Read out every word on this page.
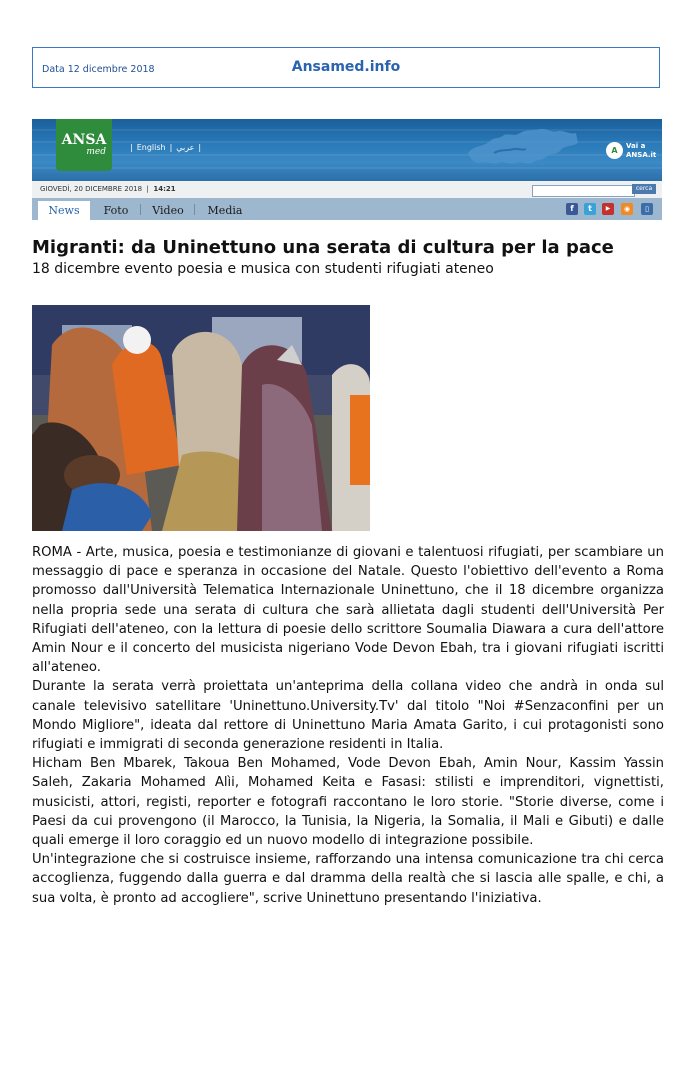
Data 12 dicembre 2018	Ansamed.info
ANSA
med	| English | عربي |	A	Vai a
ANSA.it
GIOVEDÌ, 20 DICEMBRE 2018  |  14:21	cerca
News	Foto	Video	Media	f	t	▶	◉	▯
Migranti: da Uninettuno una serata di cultura per la pace
18 dicembre evento poesia e musica con studenti rifugiati ateneo

ROMA - Arte, musica, poesia e testimonianze di giovani e talentuosi rifugiati, per scambiare un messaggio di pace e speranza in occasione del Natale. Questo l'obiettivo dell'evento a Roma promosso dall'Università Telematica Internazionale Uninettuno, che il 18 dicembre organizza nella propria sede una serata di cultura che sarà allietata dagli studenti dell'Università Per Rifugiati dell'ateneo, con la lettura di poesie dello scrittore Soumalia Diawara a cura dell'attore Amin Nour e il concerto del musicista nigeriano Vode Devon Ebah, tra i giovani rifugiati iscritti all'ateneo.

Durante la serata verrà proiettata un'anteprima della collana video che andrà in onda sul canale televisivo satellitare 'Uninettuno.University.Tv' dal titolo "Noi #Senzaconfini per un Mondo Migliore", ideata dal rettore di Uninettuno Maria Amata Garito, i cui protagonisti sono rifugiati e immigrati di seconda generazione residenti in Italia.

Hicham Ben Mbarek, Takoua Ben Mohamed, Vode Devon Ebah, Amin Nour, Kassim Yassin Saleh, Zakaria Mohamed Alìi, Mohamed Keita e Fasasi: stilisti e imprenditori, vignettisti, musicisti, attori, registi, reporter e fotografi raccontano le loro storie. "Storie diverse, come i Paesi da cui provengono (il Marocco, la Tunisia, la Nigeria, la Somalia, il Mali e Gibuti) e dalle quali emerge il loro coraggio ed un nuovo modello di integrazione possibile.

Un'integrazione che si costruisce insieme, rafforzando una intensa comunicazione tra chi cerca accoglienza, fuggendo dalla guerra e dal dramma della realtà che si lascia alle spalle, e chi, a sua volta, è pronto ad accogliere", scrive Uninettuno presentando l'iniziativa.
